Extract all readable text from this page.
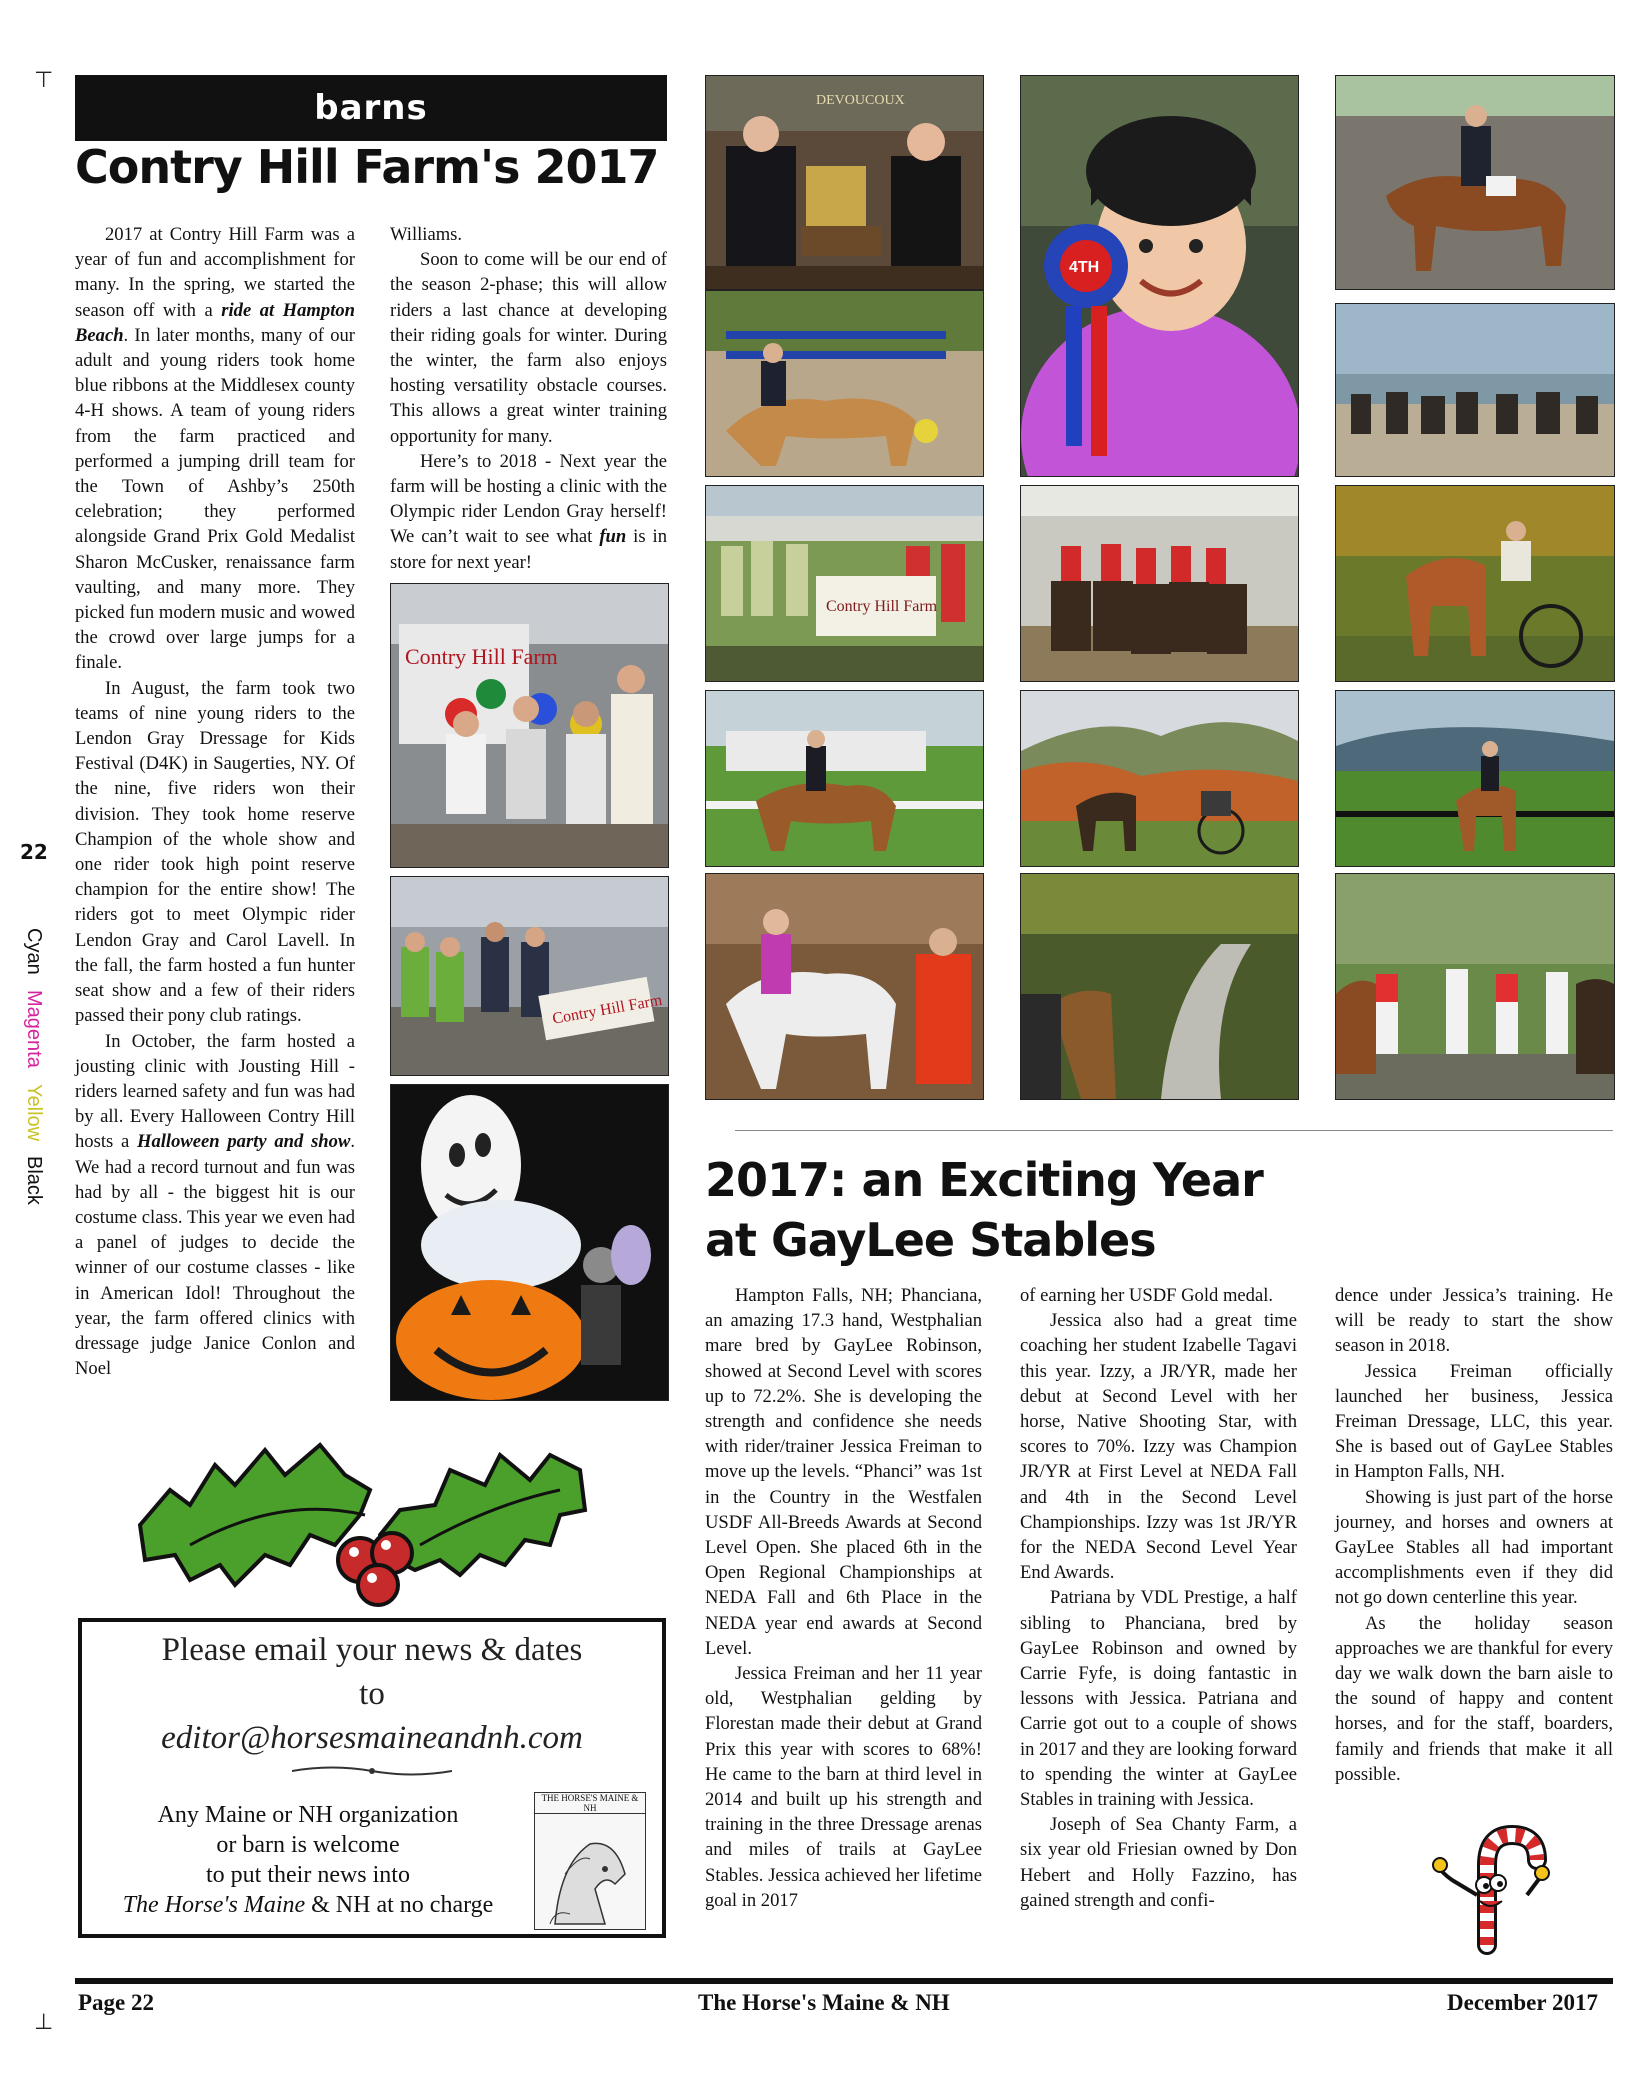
⊤
⊥
22
Cyan Magenta Yellow Black
barns
Contry Hill Farm's 2017

2017 at Contry Hill Farm was a year of fun and accomplishment for many. In the spring, we started the season off with a ride at Hampton Beach. In later months, many of our adult and young riders took home blue ribbons at the Middlesex county 4-H shows. A team of young riders from the farm practiced and performed a jumping drill team for the Town of Ashby’s 250th celebration; they performed alongside Grand Prix Gold Medalist Sharon McCusker, renaissance farm vaulting, and many more. They picked fun modern music and wowed the crowd over large jumps for a finale.

In August, the farm took two teams of nine young riders to the Lendon Gray Dressage for Kids Festival (D4K) in Saugerties, NY. Of the nine, five riders won their division. They took home reserve Champion of the whole show and one rider took high point reserve champion for the entire show! The riders got to meet Olympic rider Lendon Gray and Carol Lavell. In the fall, the farm hosted a fun hunter seat show and a few of their riders passed their pony club ratings.

In October, the farm hosted a jousting clinic with Jousting Hill - riders learned safety and fun was had by all. Every Halloween Contry Hill hosts a Halloween party and show. We had a record turnout and fun was had by all - the biggest hit is our costume class. This year we even had a panel of judges to decide the winner of our costume classes - like in American Idol! Throughout the year, the farm offered clinics with dressage judge Janice Conlon and Noel

Williams.

Soon to come will be our end of the season 2-phase; this will allow riders a last chance at developing their riding goals for winter. During the winter, the farm also enjoys hosting versatility obstacle courses. This allows a great winter training opportunity for many.

Here’s to 2018 - Next year the farm will be hosting a clinic with the Olympic rider Lendon Gray herself! We can’t wait to see what fun is in store for next year!

Contry Hill Farm
Contry Hill Farm
DEVOUCOUX
4TH
Contry Hill Farm
2017: an Exciting Year
at GayLee Stables

Hampton Falls, NH; Phanciana, an amazing 17.3 hand, Westphalian mare bred by GayLee Robinson, showed at Second Level with scores up to 72.2%. She is developing the strength and confidence she needs with rider/trainer Jessica Freiman to move up the levels. “Phanci” was 1st in the Country in the Westfalen USDF All-Breeds Awards at Second Level Open. She placed 6th in the Open Regional Championships at NEDA Fall and 6th Place in the NEDA year end awards at Second Level.

Jessica Freiman and her 11 year old, Westphalian gelding by Florestan made their debut at Grand Prix this year with scores to 68%! He came to the barn at third level in 2014 and built up his strength and training in the three Dressage arenas and miles of trails at GayLee Stables. Jessica achieved her lifetime goal in 2017

of earning her USDF Gold medal.

Jessica also had a great time coaching her student Izabelle Tagavi this year. Izzy, a JR/YR, made her debut at Second Level with her horse, Native Shooting Star, with scores to 70%. Izzy was Champion JR/YR at First Level at NEDA Fall and 4th in the Second Level Championships. Izzy was 1st JR/YR for the NEDA Second Level Year End Awards.

Patriana by VDL Prestige, a half sibling to Phanciana, bred by GayLee Robinson and owned by Carrie Fyfe, is doing fantastic in lessons with Jessica. Patriana and Carrie got out to a couple of shows in 2017 and they are looking forward to spending the winter at GayLee Stables in training with Jessica.

Joseph of Sea Chanty Farm, a six year old Friesian owned by Don Hebert and Holly Fazzino, has gained strength and confi-

dence under Jessica’s training. He will be ready to start the show season in 2018.

Jessica Freiman officially launched her business, Jessica Freiman Dressage, LLC, this year. She is based out of GayLee Stables in Hampton Falls, NH.

Showing is just part of the horse journey, and horses and owners at GayLee Stables all had important accomplishments even if they did not go down centerline this year.

As the holiday season approaches we are thankful for every day we walk down the barn aisle to the sound of happy and content horses, and for the staff, boarders, family and friends that make it all possible.

Please email your news & dates
to
editor@horsesmaineandnh.com
Any Maine or NH organization
or barn is welcome
to put their news into
The Horse's Maine & NH at no charge
THE HORSE'S MAINE & NH
Page 22	The Horse's Maine & NH	December 2017
